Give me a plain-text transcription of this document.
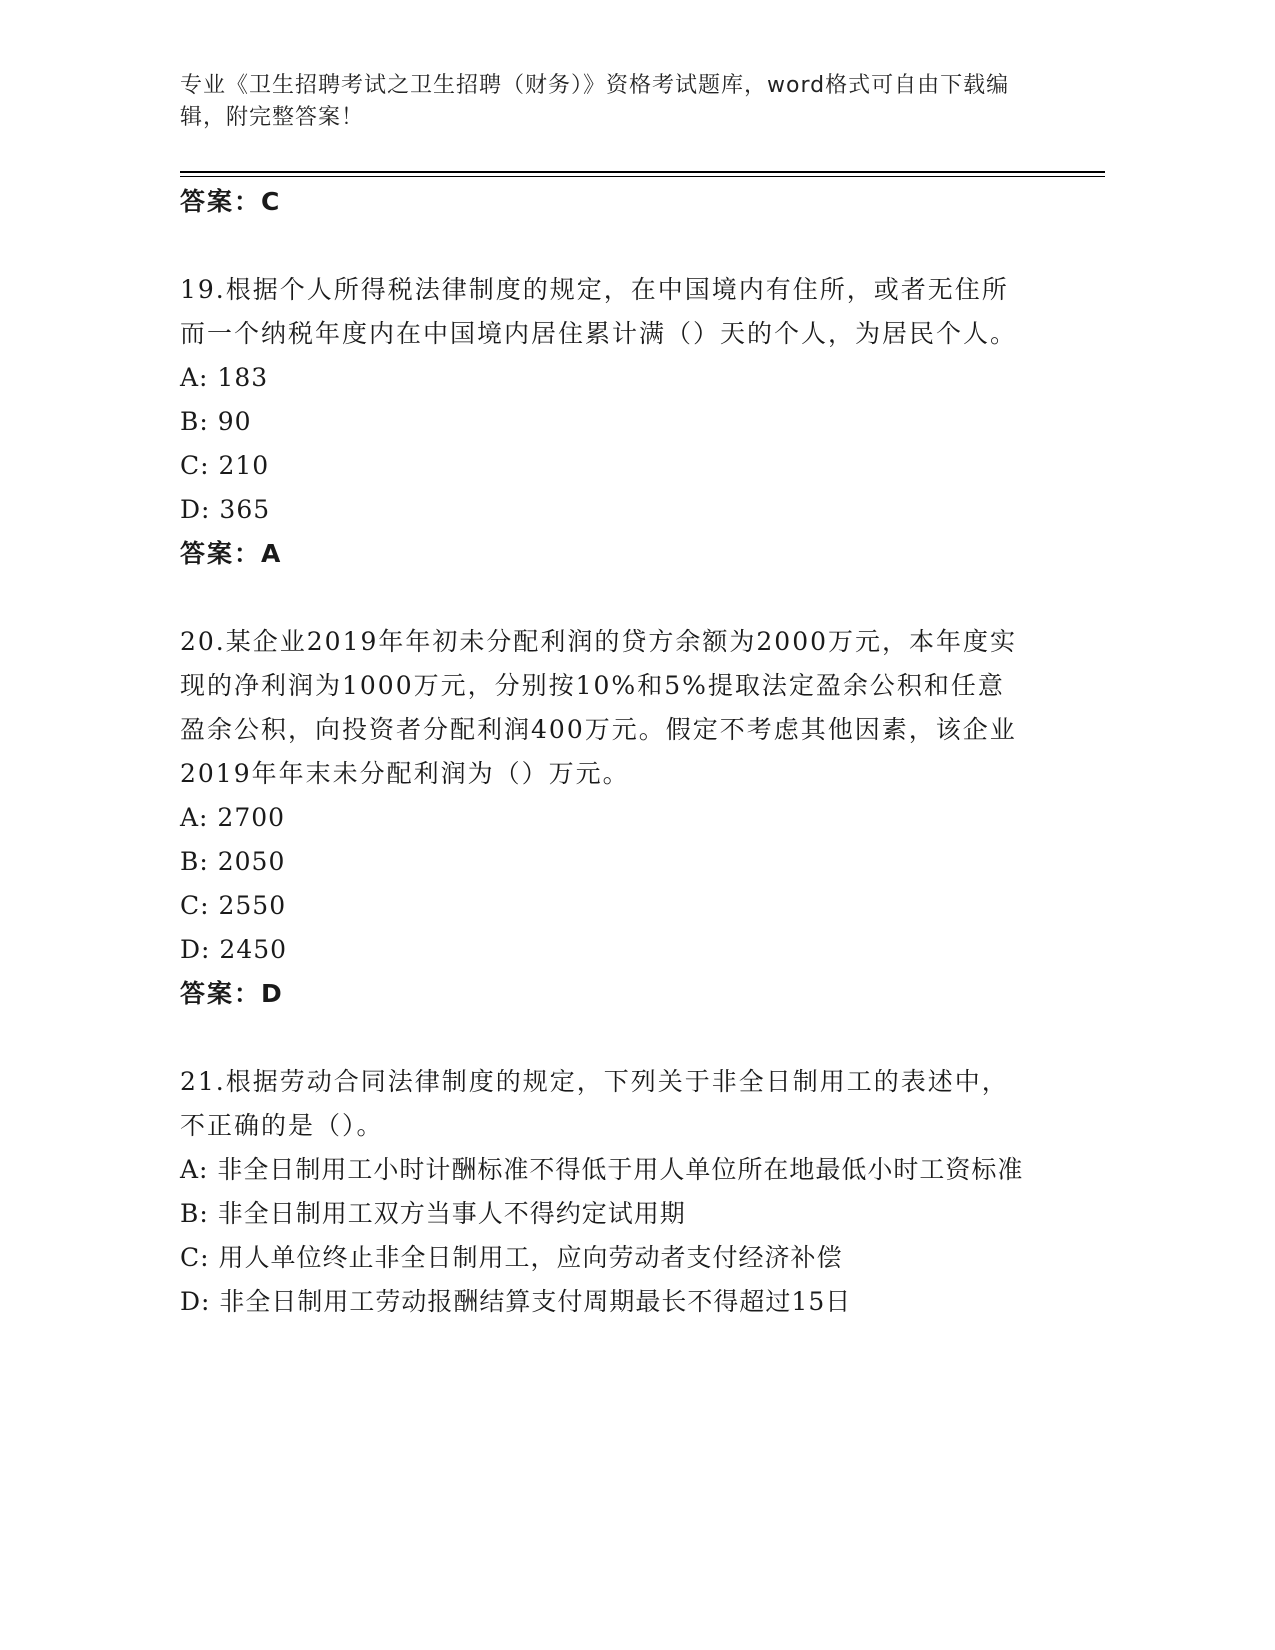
专业《卫生招聘考试之卫生招聘（财务）》资格考试题库，word格式可自由下载编辑，附完整答案！

答案：C

19.根据个人所得税法律制度的规定，在中国境内有住所，或者无住所而一个纳税年度内在中国境内居住累计满（）天的个人，为居民个人。

A: 183

B: 90

C: 210

D: 365

答案：A

20.某企业2019年年初未分配利润的贷方余额为2000万元，本年度实现的净利润为1000万元，分别按10%和5%提取法定盈余公积和任意盈余公积，向投资者分配利润400万元。假定不考虑其他因素，该企业2019年年末未分配利润为（）万元。

A: 2700

B: 2050

C: 2550

D: 2450

答案：D

21.根据劳动合同法律制度的规定，下列关于非全日制用工的表述中，不正确的是（）。

A: 非全日制用工小时计酬标准不得低于用人单位所在地最低小时工资标准

B: 非全日制用工双方当事人不得约定试用期

C: 用人单位终止非全日制用工，应向劳动者支付经济补偿

D: 非全日制用工劳动报酬结算支付周期最长不得超过15日
